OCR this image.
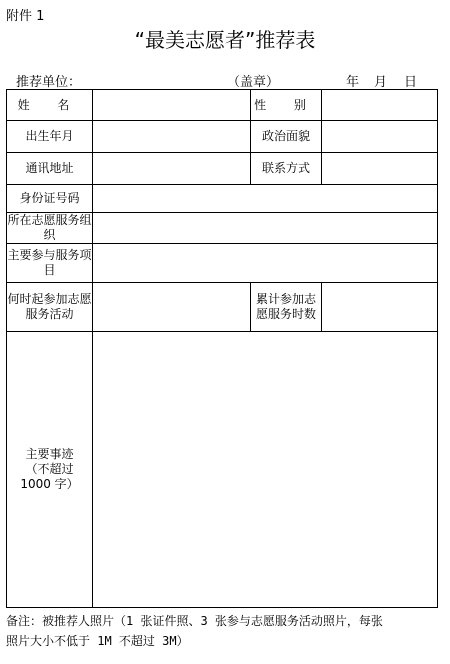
附件 1
“最美志愿者”推荐表
推荐单位：	（盖章）	年 月 日
姓 名		性 别	
出生年月		政治面貌	
通讯地址		联系方式	
身份证号码			
所在志愿服务组织			
主要参与服务项目			
何时起参加志愿服务活动		累计参加志愿服务时数	

主要事迹
（不超过
1000 字）			

备注：被推荐人照片（1 张证件照、3 张参与志愿服务活动照片，每张
照片大小不低于 1M 不超过 3M）
